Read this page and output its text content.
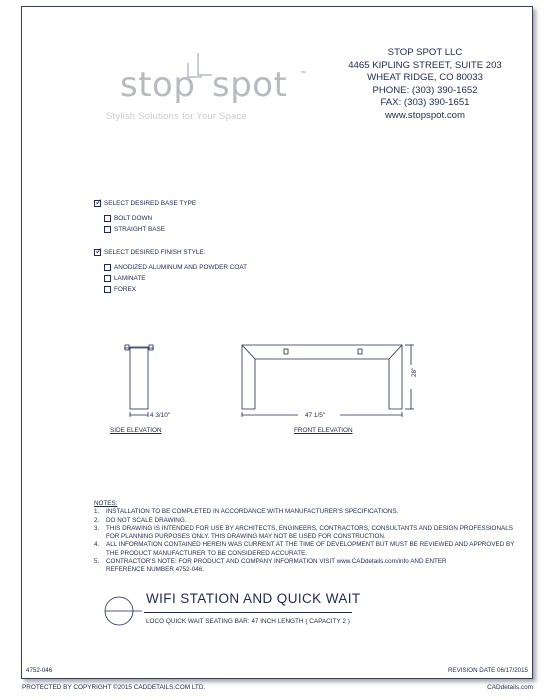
stop spot ™
Stylish Solutions for Your Space
STOP SPOT LLC
4465 KIPLING STREET, SUITE 203
WHEAT RIDGE, CO 80033
PHONE: (303) 390-1652
FAX: (303) 390-1651
www.stopspot.com
✓ SELECT DESIRED BASE TYPE
BOLT DOWN
STRAIGHT BASE
✓ SELECT DESIRED FINISH STYLE:
ANODIZED ALUMINUM AND POWDER COAT
LAMINATE
FOREX
4 3/10"	47 1/5"
28"
SIDE ELEVATION	FRONT ELEVATION
NOTES:
1. INSTALLATION TO BE COMPLETED IN ACCORDANCE WITH MANUFACTURER'S SPECIFICATIONS.
2. DO NOT SCALE DRAWING.
3. THIS DRAWING IS INTENDED FOR USE BY ARCHITECTS, ENGINEERS, CONTRACTORS, CONSULTANTS AND DESIGN PROFESSIONALS
FOR PLANNING PURPOSES ONLY. THIS DRAWING MAY NOT BE USED FOR CONSTRUCTION.
4. ALL INFORMATION CONTAINED HEREIN WAS CURRENT AT THE TIME OF DEVELOPMENT BUT MUST BE REVIEWED AND APPROVED BY
THE PRODUCT MANUFACTURER TO BE CONSIDERED ACCURATE.
5. CONTRACTOR'S NOTE: FOR PRODUCT AND COMPANY INFORMATION VISIT www.CADdetails.com/info AND ENTER
REFERENCE NUMBER 4752-046.
WIFI STATION AND QUICK WAIT
LOCO QUICK WAIT SEATING BAR: 47 INCH LENGTH ( CAPACITY 2 )
4752-046	REVISION DATE 06/17/2015
PROTECTED BY COPYRIGHT ©2015 CADDETAILS.COM LTD.	CADdetails.com
